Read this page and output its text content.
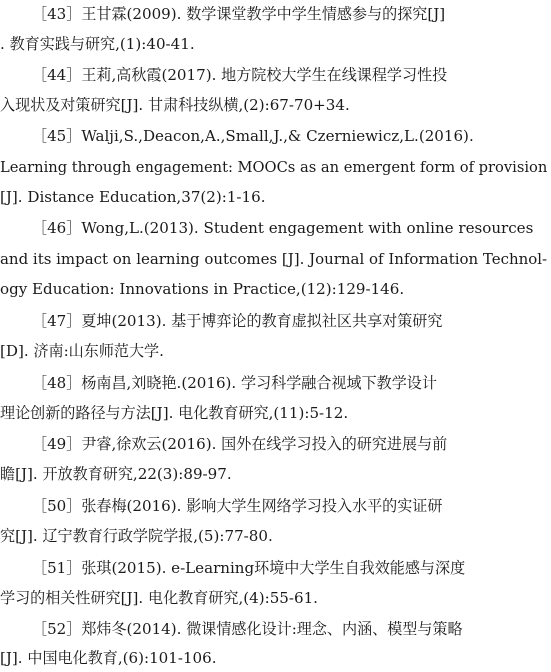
［43］王甘霖(2009). 数学课堂教学中学生情感参与的探究[J]
. 教育实践与研究,(1):40-41.
［44］王莉,高秋霞(2017). 地方院校大学生在线课程学习性投
入现状及对策研究[J]. 甘肃科技纵横,(2):67-70+34.
［45］Walji,S.,Deacon,A.,Small,J.,& Czerniewicz,L.(2016).
Learning through engagement: MOOCs as an emergent form of provision
[J]. Distance Education,37(2):1-16.
［46］Wong,L.(2013). Student engagement with online resources
and its impact on learning outcomes [J]. Journal of Information Technol-
ogy Education: Innovations in Practice,(12):129-146.
［47］夏坤(2013). 基于博弈论的教育虚拟社区共享对策研究
[D]. 济南:山东师范大学.
［48］杨南昌,刘晓艳.(2016). 学习科学融合视域下教学设计
理论创新的路径与方法[J]. 电化教育研究,(11):5-12.
［49］尹睿,徐欢云(2016). 国外在线学习投入的研究进展与前
瞻[J]. 开放教育研究,22(3):89-97.
［50］张春梅(2016). 影响大学生网络学习投入水平的实证研
究[J]. 辽宁教育行政学院学报,(5):77-80.
［51］张琪(2015). e-Learning环境中大学生自我效能感与深度
学习的相关性研究[J]. 电化教育研究,(4):55-61.
［52］郑炜冬(2014). 微课情感化设计:理念、内涵、模型与策略
[J]. 中国电化教育,(6):101-106.
